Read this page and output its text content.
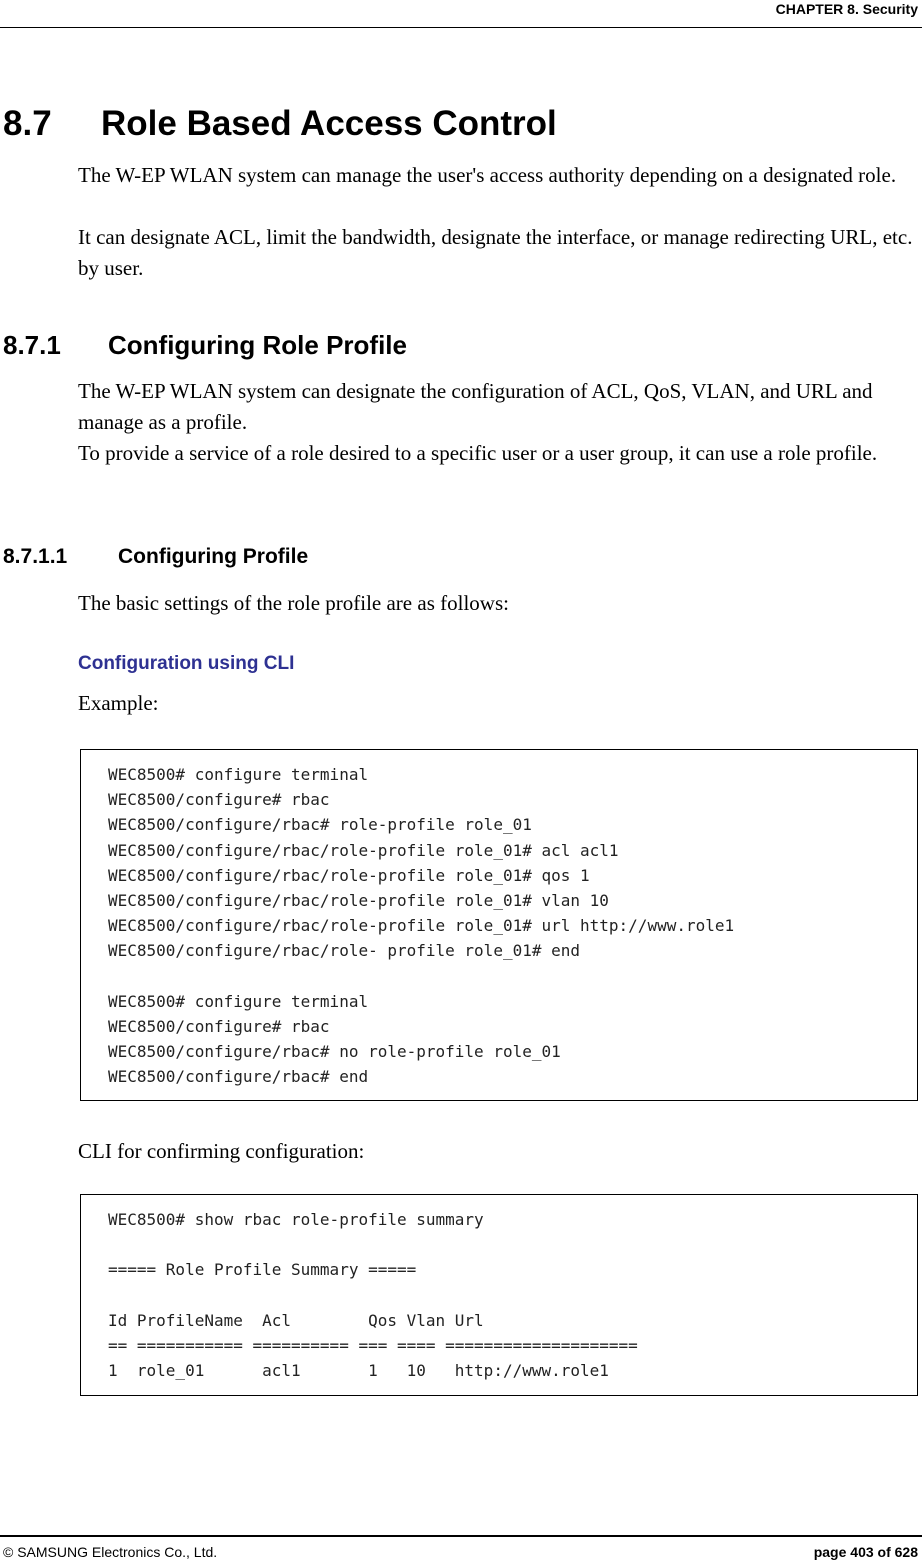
CHAPTER 8. Security
8.7 Role Based Access Control

The W-EP WLAN system can manage the user's access authority depending on a designated role.

It can designate ACL, limit the bandwidth, designate the interface, or manage redirecting URL, etc. by user.

8.7.1 Configuring Role Profile

The W-EP WLAN system can designate the configuration of ACL, QoS, VLAN, and URL and manage as a profile.

To provide a service of a role desired to a specific user or a user group, it can use a role profile.

8.7.1.1 Configuring Profile

The basic settings of the role profile are as follows:

Configuration using CLI

Example:

WEC8500# configure terminal
WEC8500/configure# rbac
WEC8500/configure/rbac# role-profile role_01
WEC8500/configure/rbac/role-profile role_01# acl acl1
WEC8500/configure/rbac/role-profile role_01# qos 1
WEC8500/configure/rbac/role-profile role_01# vlan 10
WEC8500/configure/rbac/role-profile role_01# url http://www.role1
WEC8500/configure/rbac/role- profile role_01# end
WEC8500# configure terminal
WEC8500/configure# rbac
WEC8500/configure/rbac# no role-profile role_01
WEC8500/configure/rbac# end

CLI for confirming configuration:

WEC8500# show rbac role-profile summary
===== Role Profile Summary =====
Id ProfileName  Acl        Qos Vlan Url
== =========== ========== === ==== ====================
1  role_01      acl1       1   10   http://www.role1
© SAMSUNG Electronics Co., Ltd.	page 403 of 628
